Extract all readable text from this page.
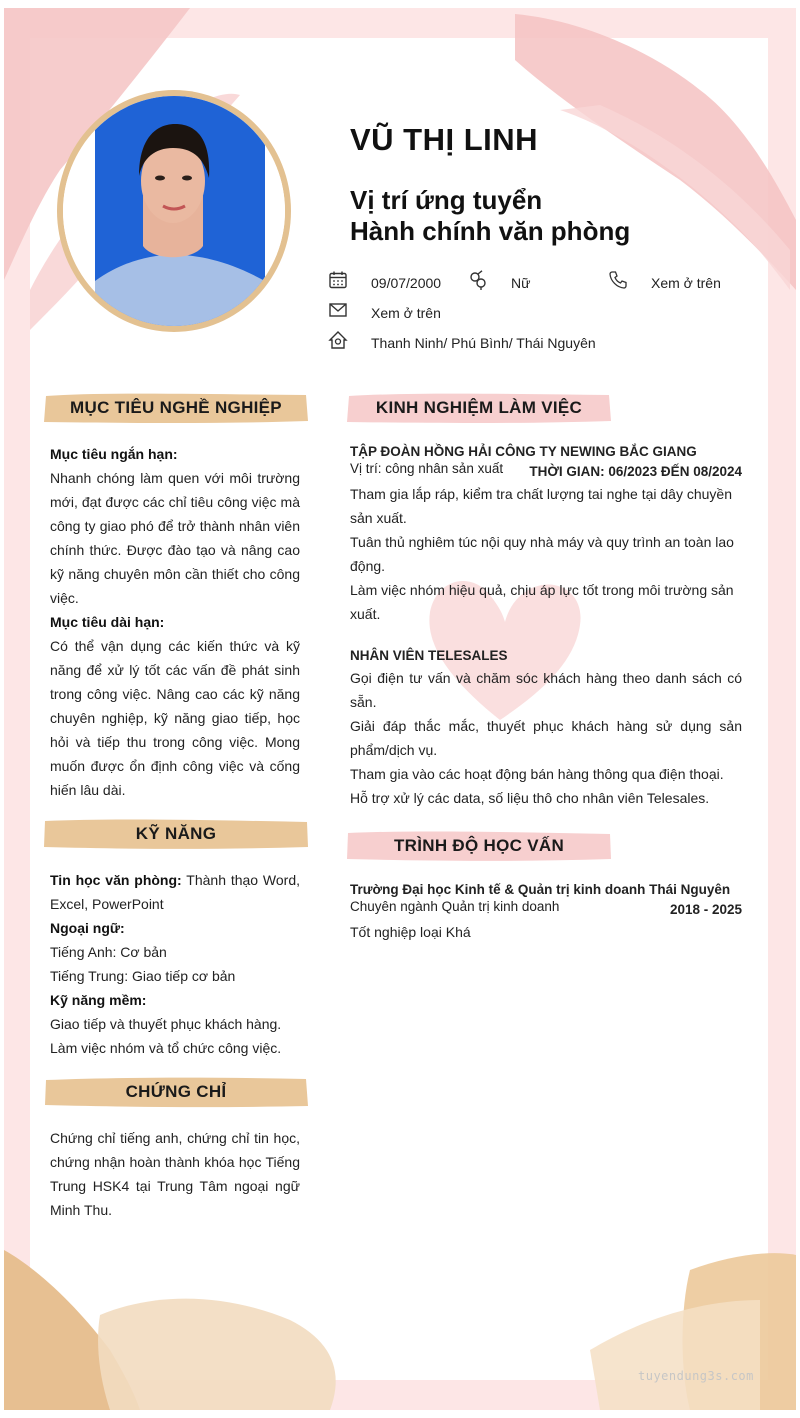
VŨ THỊ LINH
Vị trí ứng tuyển
Hành chính văn phòng
09/07/2000	Nữ	Xem ở trên
Xem ở trên
Thanh Ninh/ Phú Bình/ Thái Nguyên
MỤC TIÊU NGHỀ NGHIỆP
Mục tiêu ngắn hạn:
Nhanh chóng làm quen với môi trường mới, đạt được các chỉ tiêu công việc mà công ty giao phó để trở thành nhân viên chính thức. Được đào tạo và nâng cao kỹ năng chuyên môn cần thiết cho công việc.
Mục tiêu dài hạn:
Có thể vận dụng các kiến thức và kỹ năng để xử lý tốt các vấn đề phát sinh trong công việc. Nâng cao các kỹ năng chuyên nghiệp, kỹ năng giao tiếp, học hỏi và tiếp thu trong công việc. Mong muốn được ổn định công việc và cống hiến lâu dài.
KỸ NĂNG
Tin học văn phòng: Thành thạo Word, Excel, PowerPoint
Ngoại ngữ:
Tiếng Anh: Cơ bản
Tiếng Trung: Giao tiếp cơ bản
Kỹ năng mềm:
Giao tiếp và thuyết phục khách hàng.
Làm việc nhóm và tổ chức công việc.
CHỨNG CHỈ
Chứng chỉ tiếng anh, chứng chỉ tin học, chứng nhận hoàn thành khóa học Tiếng Trung HSK4 tại Trung Tâm ngoại ngữ Minh Thu.
KINH NGHIỆM LÀM VIỆC
TẬP ĐOÀN HỒNG HẢI CÔNG TY NEWING BẮC GIANG
Vị trí: công nhân sản xuất THỜI GIAN: 06/2023 ĐẾN 08/2024
Tham gia lắp ráp, kiểm tra chất lượng tai nghe tại dây chuyền sản xuất.
Tuân thủ nghiêm túc nội quy nhà máy và quy trình an toàn lao động.
Làm việc nhóm hiệu quả, chịu áp lực tốt trong môi trường sản xuất.
NHÂN VIÊN TELESALES
Gọi điện tư vấn và chăm sóc khách hàng theo danh sách có sẵn.
Giải đáp thắc mắc, thuyết phục khách hàng sử dụng sản phẩm/dịch vụ.
Tham gia vào các hoạt động bán hàng thông qua điện thoại.
Hỗ trợ xử lý các data, số liệu thô cho nhân viên Telesales.
TRÌNH ĐỘ HỌC VẤN
Trường Đại học Kinh tế & Quản trị kinh doanh Thái Nguyên
Chuyên ngành Quản trị kinh doanh	2018 - 2025
Tốt nghiệp loại Khá
tuyendung3s.com
